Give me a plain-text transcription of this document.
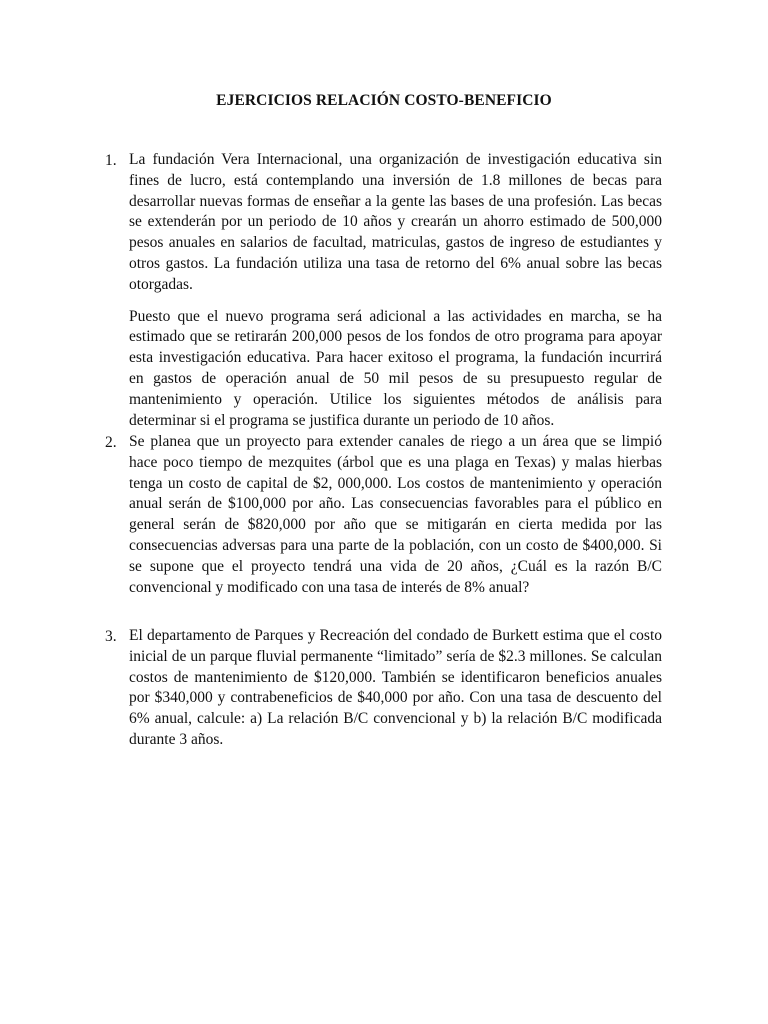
EJERCICIOS RELACIÓN COSTO-BENEFICIO
1. La fundación Vera Internacional, una organización de investigación educativa sin fines de lucro, está contemplando una inversión de 1.8 millones de becas para desarrollar nuevas formas de enseñar a la gente las bases de una profesión. Las becas se extenderán por un periodo de 10 años y crearán un ahorro estimado de 500,000 pesos anuales en salarios de facultad, matriculas, gastos de ingreso de estudiantes y otros gastos. La fundación utiliza una tasa de retorno del 6% anual sobre las becas otorgadas.

Puesto que el nuevo programa será adicional a las actividades en marcha, se ha estimado que se retirarán 200,000 pesos de los fondos de otro programa para apoyar esta investigación educativa. Para hacer exitoso el programa, la fundación incurrirá en gastos de operación anual de 50 mil pesos de su presupuesto regular de mantenimiento y operación. Utilice los siguientes métodos de análisis para determinar si el programa se justifica durante un periodo de 10 años.

2. Se planea que un proyecto para extender canales de riego a un área que se limpió hace poco tiempo de mezquites (árbol que es una plaga en Texas) y malas hierbas tenga un costo de capital de $2, 000,000. Los costos de mantenimiento y operación anual serán de $100,000 por año. Las consecuencias favorables para el público en general serán de $820,000 por año que se mitigarán en cierta medida por las consecuencias adversas para una parte de la población, con un costo de $400,000. Si se supone que el proyecto tendrá una vida de 20 años, ¿Cuál es la razón B/C convencional y modificado con una tasa de interés de 8% anual?

3. El departamento de Parques y Recreación del condado de Burkett estima que el costo inicial de un parque fluvial permanente “limitado” sería de $2.3 millones. Se calculan costos de mantenimiento de $120,000. También se identificaron beneficios anuales por $340,000 y contrabeneficios de $40,000 por año. Con una tasa de descuento del 6% anual, calcule: a) La relación B/C convencional y b) la relación B/C modificada durante 3 años.
